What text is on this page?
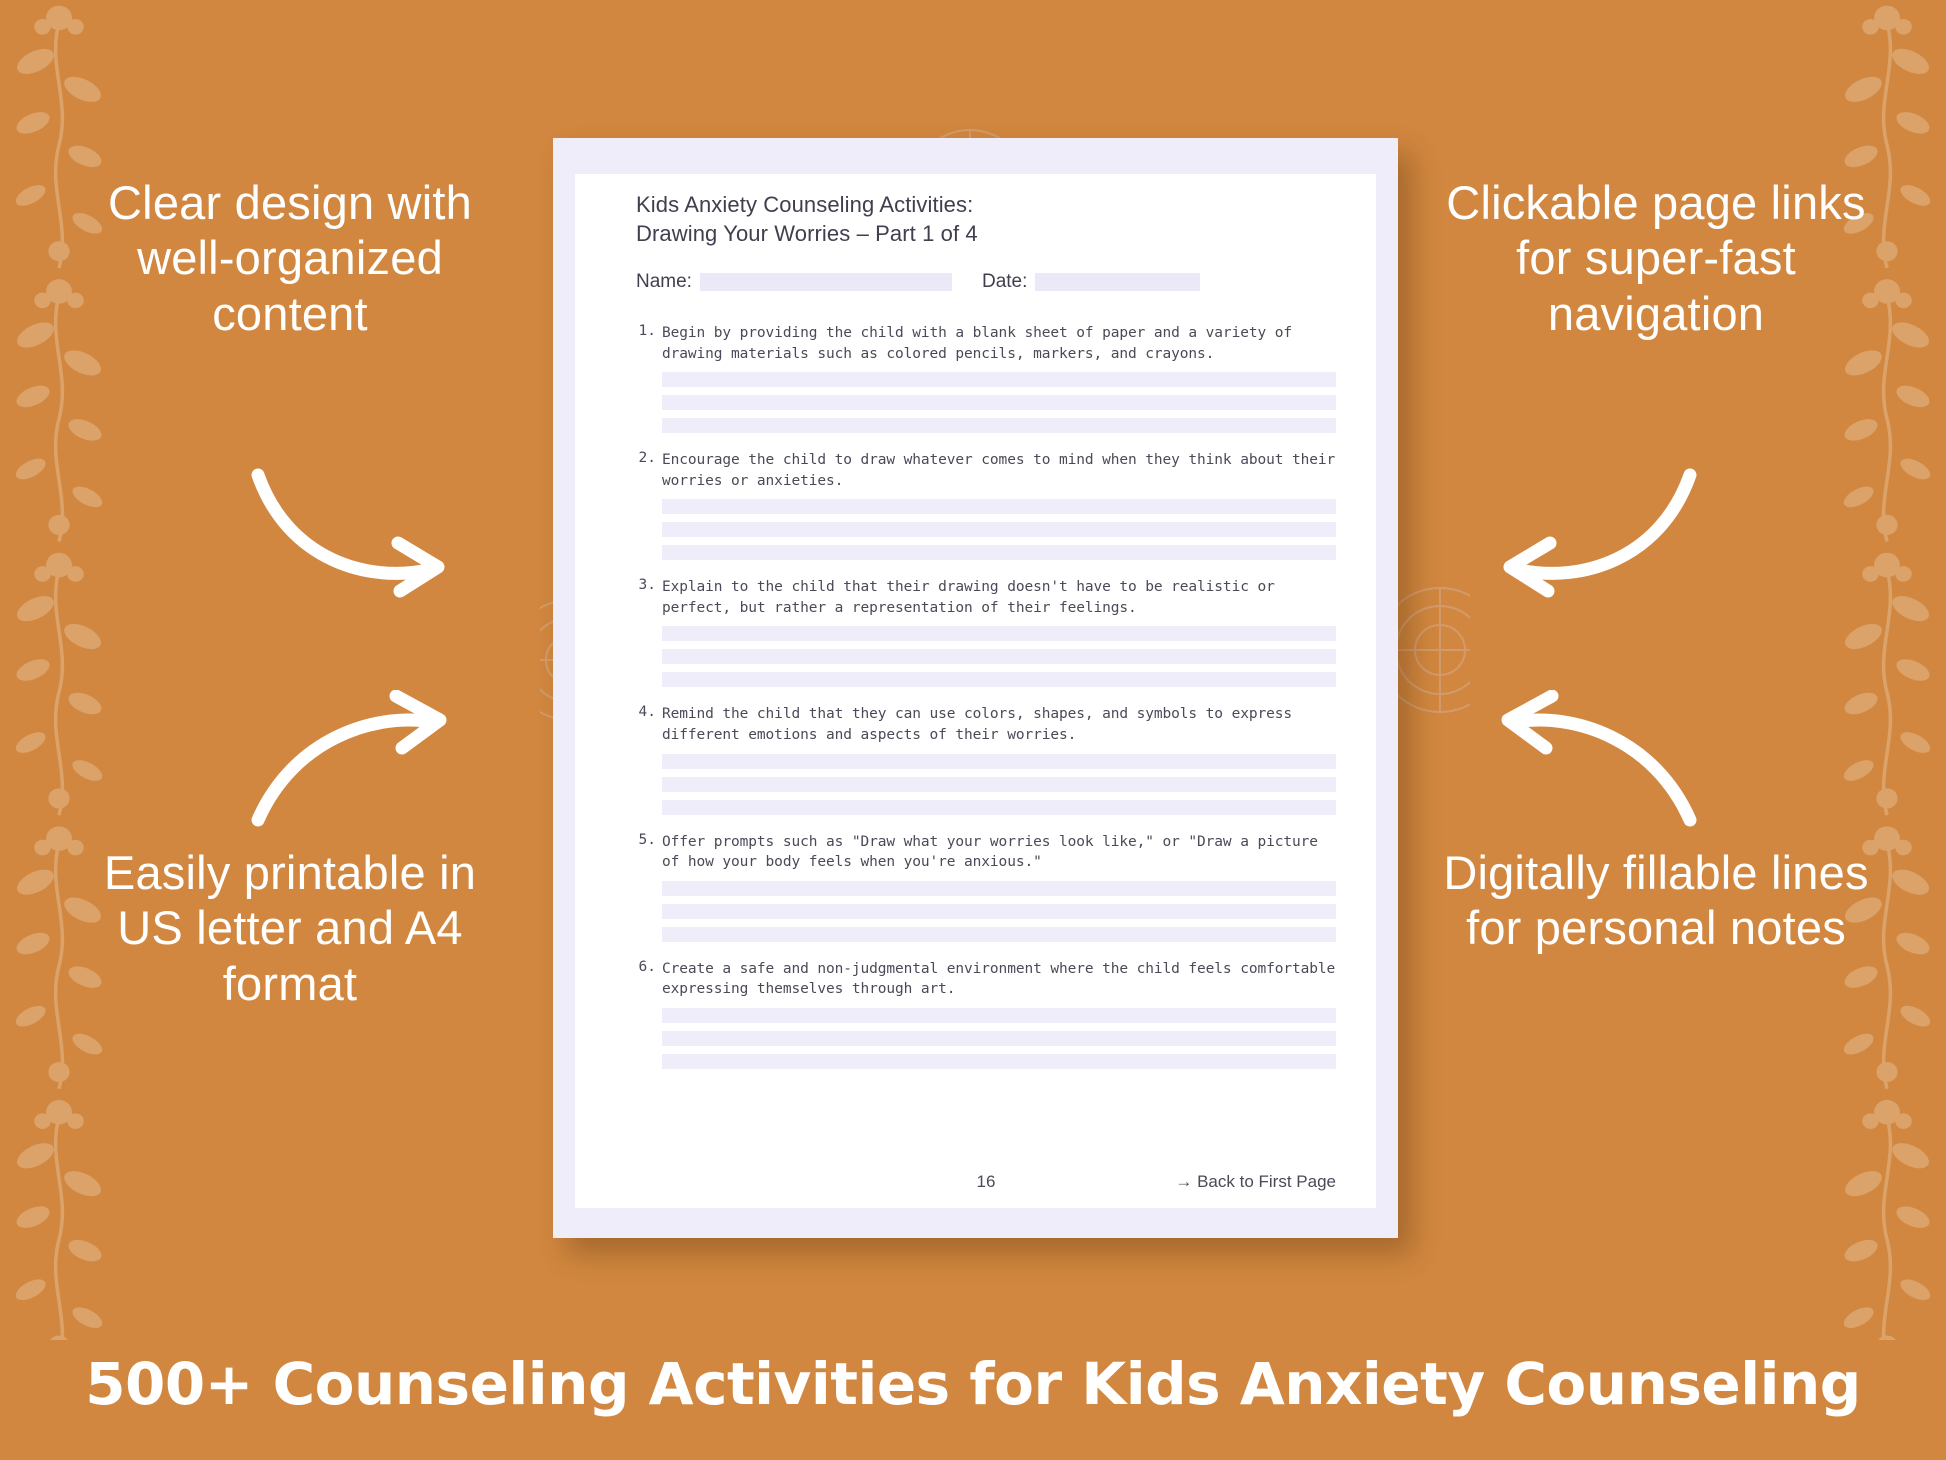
Clear design with well-organized content
Easily printable in US letter and A4 format
Clickable page links for super-fast navigation
Digitally fillable lines for personal notes
Kids Anxiety Counseling Activities:
Drawing Your Worries – Part 1 of 4
Name:	Date:
1. Begin by providing the child with a blank sheet of paper and a variety of drawing materials such as colored pencils, markers, and crayons.
2. Encourage the child to draw whatever comes to mind when they think about their worries or anxieties.
3. Explain to the child that their drawing doesn't have to be realistic or perfect, but rather a representation of their feelings.
4. Remind the child that they can use colors, shapes, and symbols to express different emotions and aspects of their worries.
5. Offer prompts such as "Draw what your worries look like," or "Draw a picture of how your body feels when you're anxious."
6. Create a safe and non-judgmental environment where the child feels comfortable expressing themselves through art.
16	→ Back to First Page
500+ Counseling Activities for Kids Anxiety Counseling
